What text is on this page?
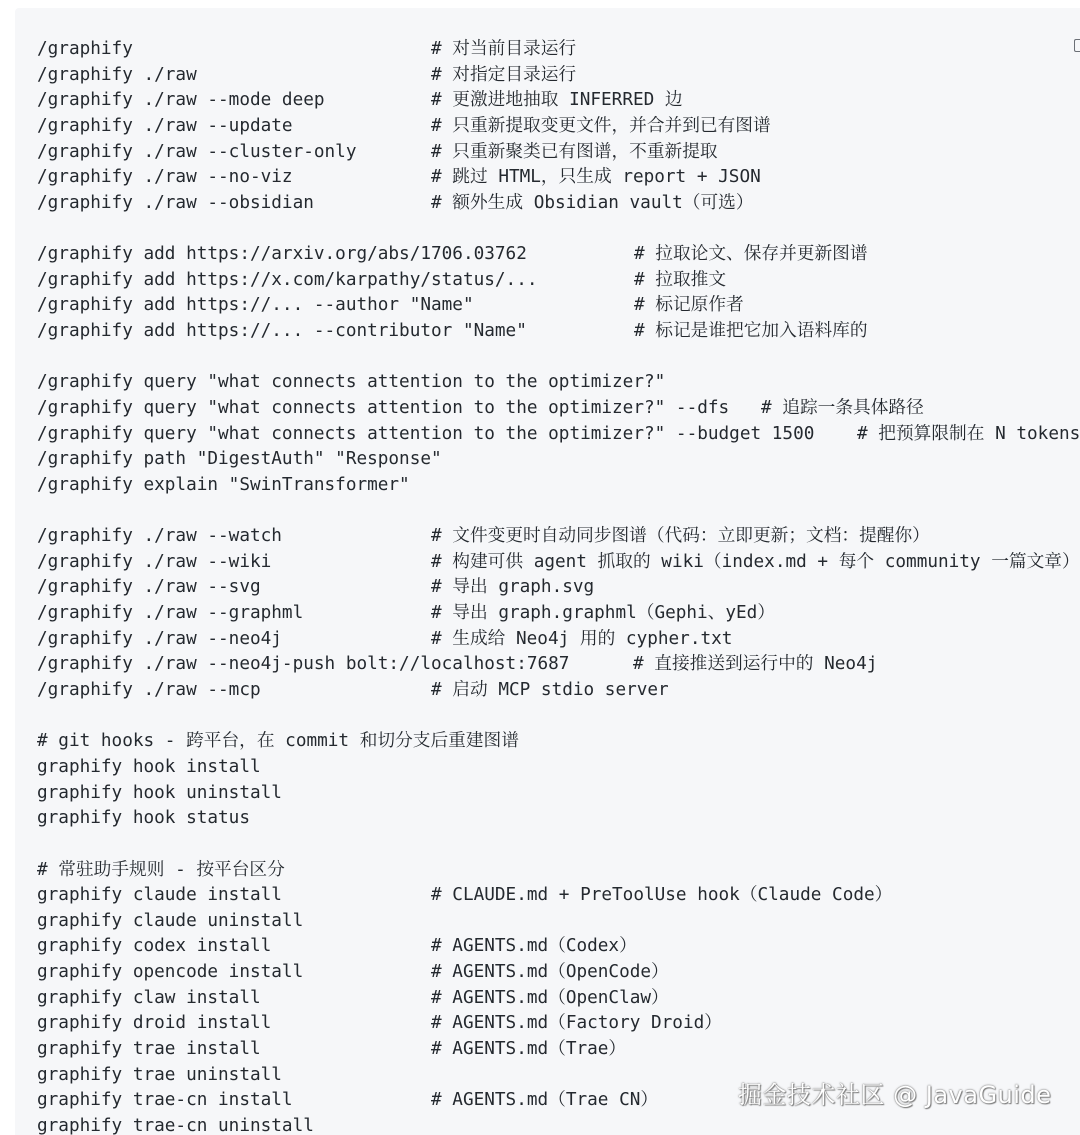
/graphify	# 对当前目录运行
/graphify ./raw	# 对指定目录运行
/graphify ./raw --mode deep	# 更激进地抽取 INFERRED 边
/graphify ./raw --update	# 只重新提取变更文件，并合并到已有图谱
/graphify ./raw --cluster-only	# 只重新聚类已有图谱，不重新提取
/graphify ./raw --no-viz	# 跳过 HTML，只生成 report + JSON
/graphify ./raw --obsidian	# 额外生成 Obsidian vault（可选）
/graphify add https://arxiv.org/abs/1706.03762	# 拉取论文、保存并更新图谱
/graphify add https://x.com/karpathy/status/...	# 拉取推文
/graphify add https://... --author "Name"	# 标记原作者
/graphify add https://... --contributor "Name"	# 标记是谁把它加入语料库的
/graphify query "what connects attention to the optimizer?"
/graphify query "what connects attention to the optimizer?" --dfs # 追踪一条具体路径
/graphify query "what connects attention to the optimizer?" --budget 1500 # 把预算限制在 N tokens
/graphify path "DigestAuth" "Response"
/graphify explain "SwinTransformer"
/graphify ./raw --watch	# 文件变更时自动同步图谱（代码：立即更新；文档：提醒你）
/graphify ./raw --wiki	# 构建可供 agent 抓取的 wiki（index.md + 每个 community 一篇文章）
/graphify ./raw --svg	# 导出 graph.svg
/graphify ./raw --graphml	# 导出 graph.graphml（Gephi、yEd）
/graphify ./raw --neo4j	# 生成给 Neo4j 用的 cypher.txt
/graphify ./raw --neo4j-push bolt://localhost:7687	# 直接推送到运行中的 Neo4j
/graphify ./raw --mcp	# 启动 MCP stdio server
# git hooks - 跨平台，在 commit 和切分支后重建图谱
graphify hook install
graphify hook uninstall
graphify hook status
# 常驻助手规则 - 按平台区分
graphify claude install	# CLAUDE.md + PreToolUse hook（Claude Code）
graphify claude uninstall
graphify codex install	# AGENTS.md（Codex）
graphify opencode install	# AGENTS.md（OpenCode）
graphify claw install	# AGENTS.md（OpenClaw）
graphify droid install	# AGENTS.md（Factory Droid）
graphify trae install	# AGENTS.md（Trae）
graphify trae uninstall
graphify trae-cn install	# AGENTS.md（Trae CN）
graphify trae-cn uninstall
掘金技术社区 @ JavaGuide
